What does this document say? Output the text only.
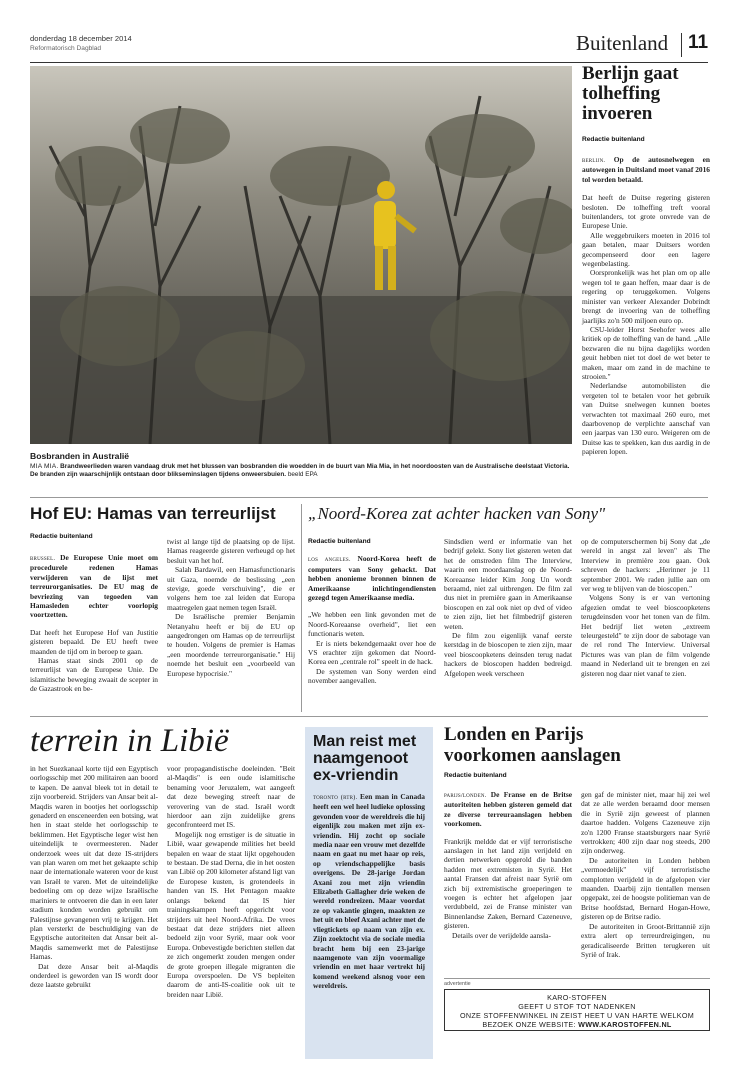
donderdag 18 december 2014
Reformatorisch Dagblad	Buitenland 11
Bosbranden in Australië
MIA MIA. Brandweerlieden waren vandaag druk met het blussen van bosbranden die woedden in de buurt van Mia Mia, in het noordoosten van de Australische deelstaat Victoria. De branden zijn waarschijnlijk ontstaan door blikseminslagen tijdens onweersbuien. beeld EPA
Berlijn gaat
tolheffing
invoeren
Redactie buitenland

berlijn. Op de autosnelwegen en autowegen in Duitsland moet vanaf 2016 tol worden betaald.

Dat heeft de Duitse regering gisteren besloten. De tolheffing treft vooral buitenlanders, tot grote onvrede van de Europese Unie.

Alle weggebruikers moeten in 2016 tol gaan betalen, maar Duitsers worden gecompenseerd door een lagere wegenbelasting.

Oorspronkelijk was het plan om op alle wegen tol te gaan heffen, maar daar is de regering op teruggekomen. Volgens minister van verkeer Alexander Dobrindt brengt de invoering van de tolheffing jaarlijks zo'n 500 miljoen euro op.

CSU-leider Horst Seehofer wees alle kritiek op de tolheffing van de hand. „Alle bezwaren die nu bijna dagelijks worden geuit hebben niet tot doel de wet beter te maken, maar om zand in de machine te strooien."

Nederlandse automobilisten die vergeten tol te betalen voor het gebruik van Duitse snelwegen kunnen boetes verwachten tot maximaal 260 euro, met daarbovenop de verplichte aanschaf van een jaarpas van 130 euro. Weigeren om de Duitse kas te spekken, kan dus aardig in de papieren lopen.

Hof EU: Hamas van terreurlijst
Redactie buitenland

brussel. De Europese Unie moet om procedurele redenen Hamas verwijderen van de lijst met terreurorganisaties. De EU mag de bevriezing van tegoeden van Hamasleden echter voorlopig voortzetten.

Dat heeft het Europese Hof van Justitie gisteren bepaald. De EU heeft twee maanden de tijd om in beroep te gaan.

Hamas staat sinds 2001 op de terreurlijst van de Europese Unie. De islamitische beweging zwaait de scepter in de Gazastrook en be-

twist al lange tijd de plaatsing op de lijst. Hamas reageerde gisteren verheugd op het besluit van het hof.

Salah Bardawil, een Hamasfunctionaris uit Gaza, noemde de beslissing „een stevige, goede verschuiving", die er volgens hem toe zal leiden dat Europa maatregelen gaat nemen tegen Israël.

De Israëlische premier Benjamin Netanyahu heeft er bij de EU op aangedrongen om Hamas op de terreurlijst te houden. Volgens de premier is Hamas „een moordende terreurorganisatie." Hij noemde het besluit een „voorbeeld van Europese hypocrisie."

„Noord-Korea zat achter hacken van Sony"
Redactie buitenland

los angeles. Noord-Korea heeft de computers van Sony gehackt. Dat hebben anonieme bronnen binnen de Amerikaanse inlichtingendiensten gezegd tegen Amerikaanse media.

„We hebben een link gevonden met de Noord-Koreaanse overheid", liet een functionaris weten.

Er is niets bekendgemaakt over hoe de VS erachter zijn gekomen dat Noord-Korea een „centrale rol" speelt in de hack.

De systemen van Sony werden eind november aangevallen.

Sindsdien werd er informatie van het bedrijf gelekt. Sony liet gisteren weten dat het de omstreden film The Interview, waarin een moordaanslag op de Noord-Koreaanse leider Kim Jong Un wordt beraamd, niet zal uitbrengen. De film zal dus niet in première gaan in Amerikaanse bioscopen en zal ook niet op dvd of video te zien zijn, liet het filmbedrijf gisteren weten.

De film zou eigenlijk vanaf eerste kerstdag in de bioscopen te zien zijn, maar veel bioscoopketens deinsden terug nadat hackers de bioscopen hadden bedreigd. Afgelopen week verscheen

op de computerschermen bij Sony dat „de wereld in angst zal leven" als The Interview in première zou gaan. Ook schreven de hackers: „Herinner je 11 september 2001. We raden jullie aan om ver weg te blijven van de bioscopen."

Volgens Sony is er van vertoning afgezien omdat te veel bioscoopketens terugdeinsden voor het tonen van de film. Het bedrijf liet weten „extreem teleurgesteld" te zijn door de sabotage van de rel rond The Interview. Universal Pictures was van plan de film volgende maand in Nederland uit te brengen en zei gisteren nog daar niet vanaf te zien.

terrein in Libië

in het Suezkanaal korte tijd een Egyptisch oorlogsschip met 200 militairen aan boord te kapen. De aanval bleek tot in detail te zijn voorbereid. Strijders van Ansar beit al-Maqdis waren in bootjes het oorlogsschip genaderd en ensceneerden een botsing, wat hen in staat stelde het oorlogsschip te beklimmen. Het Egyptische leger wist hen uiteindelijk te overmeesteren. Nader onderzoek wees uit dat deze IS-strijders van plan waren om met het gekaapte schip naar de internationale wateren voor de kust van Israël te varen. Met de uiteindelijke bedoeling om op deze wijze Israëlische mariniers te ontvoeren die dan in een later stadium konden worden gebruikt om Palestijnse gevangenen vrij te krijgen. Het plan versterkt de beschuldiging van de Egyptische autoriteiten dat Ansar beit al-Maqdis samenwerkt met de Palestijnse Hamas.

Dat deze Ansar beit al-Maqdis onderdeel is geworden van IS wordt door deze laatste gebruikt

voor propagandistische doeleinden. "Beit al-Maqdis" is een oude islamitische benaming voor Jeruzalem, wat aangeeft dat deze beweging streeft naar de verovering van de stad. Israël wordt hierdoor aan zijn zuidelijke grens geconfronteerd met IS.

Mogelijk nog ernstiger is de situatie in Libië, waar gewapende milities het beeld bepalen en waar de staat lijkt opgehouden te bestaan. De stad Derna, die in het oosten van Libië op 200 kilometer afstand ligt van de Europese kusten, is grotendeels in handen van IS. Het Pentagon maakte onlangs bekend dat IS hier trainingskampen heeft opgericht voor strijders uit heel Noord-Afrika. De vrees bestaat dat deze strijders niet alleen bedoeld zijn voor Syrië, maar ook voor Europa. Onbevestigde berichten stellen dat ze zich ongemerkt zouden mengen onder de grote groepen illegale migranten die Europa overspoelen. De VS bepleiten daarom de anti-IS-coalitie ook uit te breiden naar Libië.

Man reist met
naamgenoot
ex-vriendin

toronto (rtr). Een man in Canada heeft een wel heel ludieke oplossing gevonden voor de wereldreis die hij eigenlijk zou maken met zijn ex-vriendin. Hij zocht op sociale media naar een vrouw met dezelfde naam en gaat nu met haar op reis, op vriendschappelijke basis overigens. De 28-jarige Jordan Axani zou met zijn vriendin Elizabeth Gallagher drie weken de wereld rondreizen. Maar voordat ze op vakantie gingen, maakten ze het uit en bleef Axani achter met de vliegtickets op naam van zijn ex. Zijn zoektocht via de sociale media bracht hem bij een 23-jarige naamgenote van zijn voormalige vriendin en met haar vertrekt hij komend weekend alsnog voor een wereldreis.

Londen en Parijs
voorkomen aanslagen
Redactie buitenland

parijs/londen. De Franse en de Britse autoriteiten hebben gisteren gemeld dat ze diverse terreuraanslagen hebben voorkomen.

Frankrijk meldde dat er vijf terroristische aanslagen in het land zijn verijdeld en dertien netwerken opgerold die banden hadden met extremisten in Syrië. Het aantal Fransen dat afreist naar Syrië om zich bij extremistische groeperingen te voegen is echter het afgelopen jaar verdubbeld, zei de Franse minister van Binnenlandse Zaken, Bernard Cazeneuve, gisteren.

Details over de verijdelde aansla-

gen gaf de minister niet, maar hij zei wel dat ze alle werden beraamd door mensen die in Syrië zijn geweest of plannen daartoe hadden. Volgens Cazeneuve zijn zo'n 1200 Franse staatsburgers naar Syrië vertrokken; 400 zijn daar nog steeds, 200 zijn onderweg.

De autoriteiten in Londen hebben „vermoedelijk" vijf terroristische complotten verijdeld in de afgelopen vier maanden. Daarbij zijn tientallen mensen opgepakt, zei de hoogste politieman van de Britse hoofdstad, Bernard Hogan-Howe, gisteren op de Britse radio.

De autoriteiten in Groot-Brittannië zijn extra alert op terreurdreigingen, nu geradicaliseerde Britten terugkeren uit Syrië of Irak.

advertentie
KARO-STOFFEN
GEEFT U STOF TOT NADENKEN
ONZE STOFFENWINKEL IN ZEIST HEET U VAN HARTE WELKOM
BEZOEK ONZE WEBSITE: WWW.KAROSTOFFEN.NL
